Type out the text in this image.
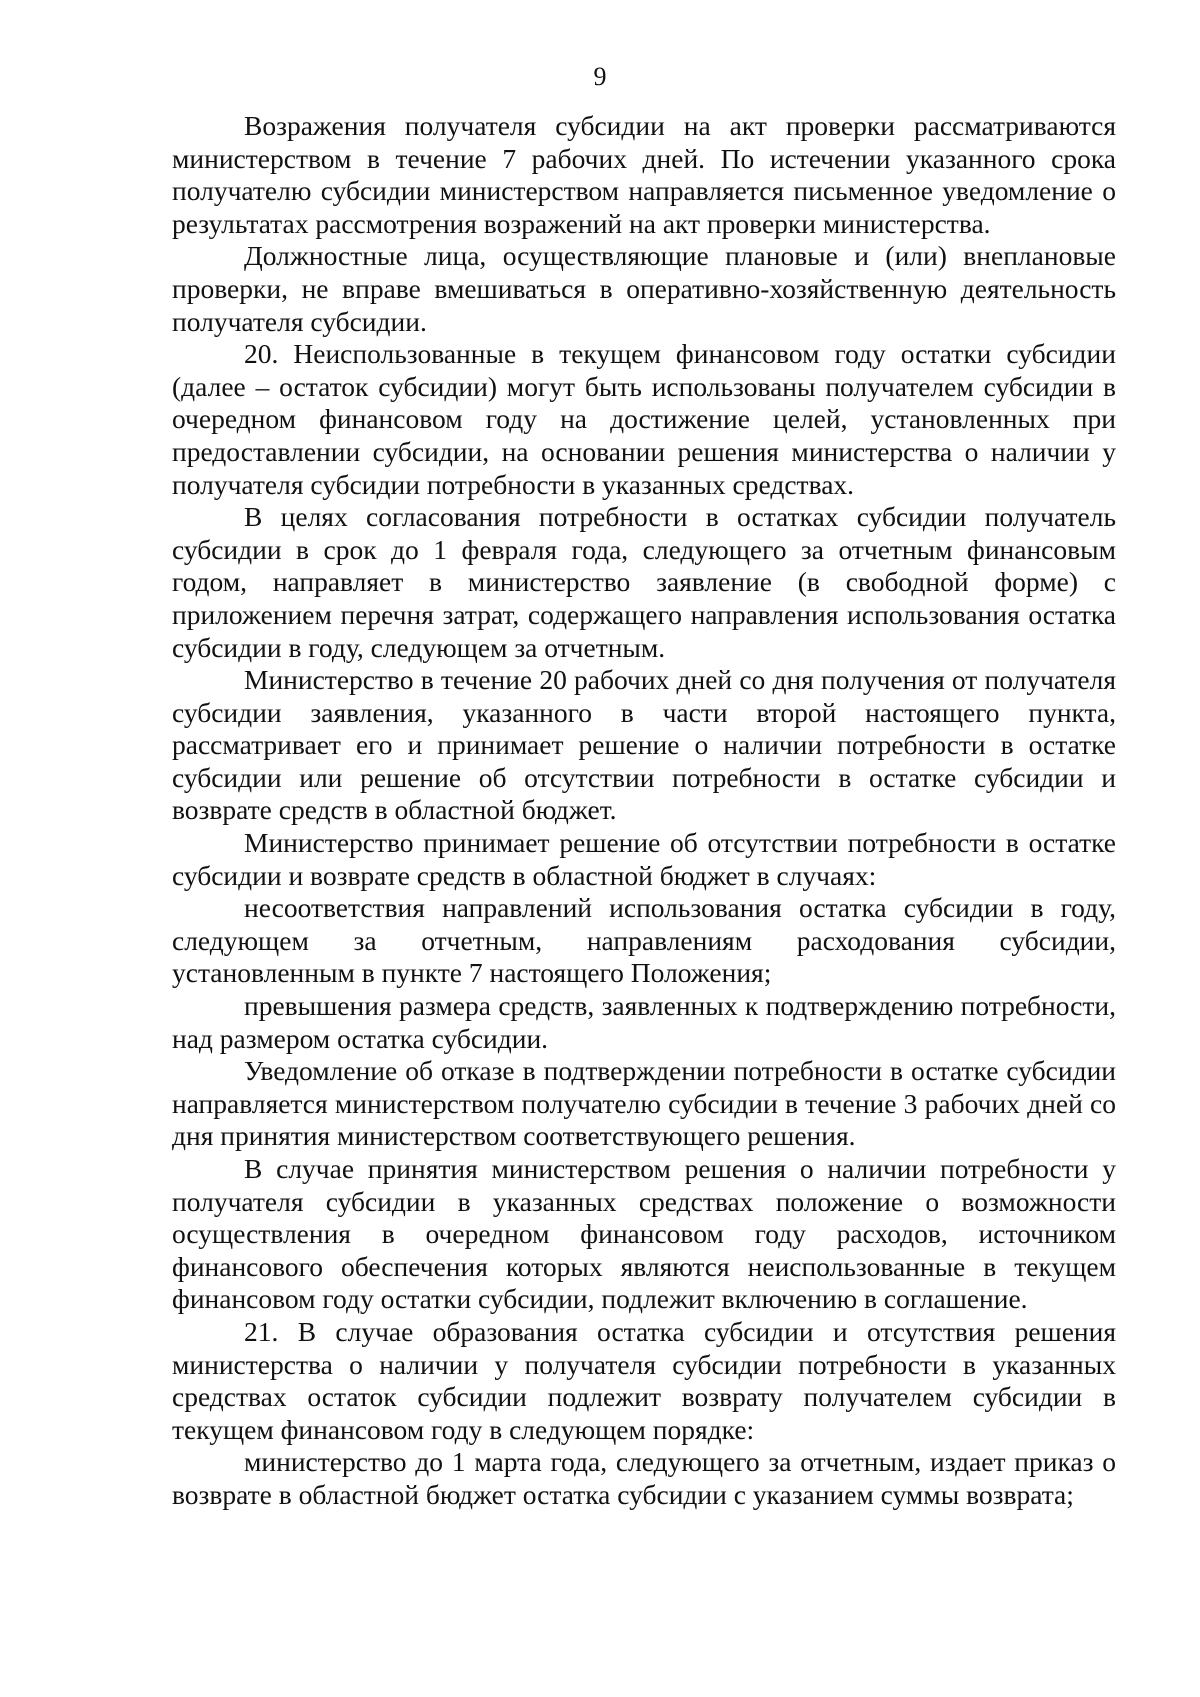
9

Возражения получателя субсидии на акт проверки рассматриваются министерством в течение 7 рабочих дней. По истечении указанного срока получателю субсидии министерством направляется письменное уведомление о результатах рассмотрения возражений на акт проверки министерства.

Должностные лица, осуществляющие плановые и (или) внеплановые проверки, не вправе вмешиваться в оперативно-хозяйственную деятельность получателя субсидии.

20. Неиспользованные в текущем финансовом году остатки субсидии (далее – остаток субсидии) могут быть использованы получателем субсидии в очередном финансовом году на достижение целей, установленных при предоставлении субсидии, на основании решения министерства о наличии у получателя субсидии потребности в указанных средствах.

В целях согласования потребности в остатках субсидии получатель субсидии в срок до 1 февраля года, следующего за отчетным финансовым годом, направляет в министерство заявление (в свободной форме) с приложением перечня затрат, содержащего направления использования остатка субсидии в году, следующем за отчетным.

Министерство в течение 20 рабочих дней со дня получения от получателя субсидии заявления, указанного в части второй настоящего пункта, рассматривает его и принимает решение о наличии потребности в остатке субсидии или решение об отсутствии потребности в остатке субсидии и возврате средств в областной бюджет.

Министерство принимает решение об отсутствии потребности в остатке субсидии и возврате средств в областной бюджет в случаях:

несоответствия направлений использования остатка субсидии в году, следующем за отчетным, направлениям расходования субсидии, установленным в пункте 7 настоящего Положения;

превышения размера средств, заявленных к подтверждению потребности, над размером остатка субсидии.

Уведомление об отказе в подтверждении потребности в остатке субсидии направляется министерством получателю субсидии в течение 3 рабочих дней со дня принятия министерством соответствующего решения.

В случае принятия министерством решения о наличии потребности у получателя субсидии в указанных средствах положение о возможности осуществления в очередном финансовом году расходов, источником финансового обеспечения которых являются неиспользованные в текущем финансовом году остатки субсидии, подлежит включению в соглашение.

21. В случае образования остатка субсидии и отсутствия решения министерства о наличии у получателя субсидии потребности в указанных средствах остаток субсидии подлежит возврату получателем субсидии в текущем финансовом году в следующем порядке:

министерство до 1 марта года, следующего за отчетным, издает приказ о возврате в областной бюджет остатка субсидии с указанием суммы возврата;
